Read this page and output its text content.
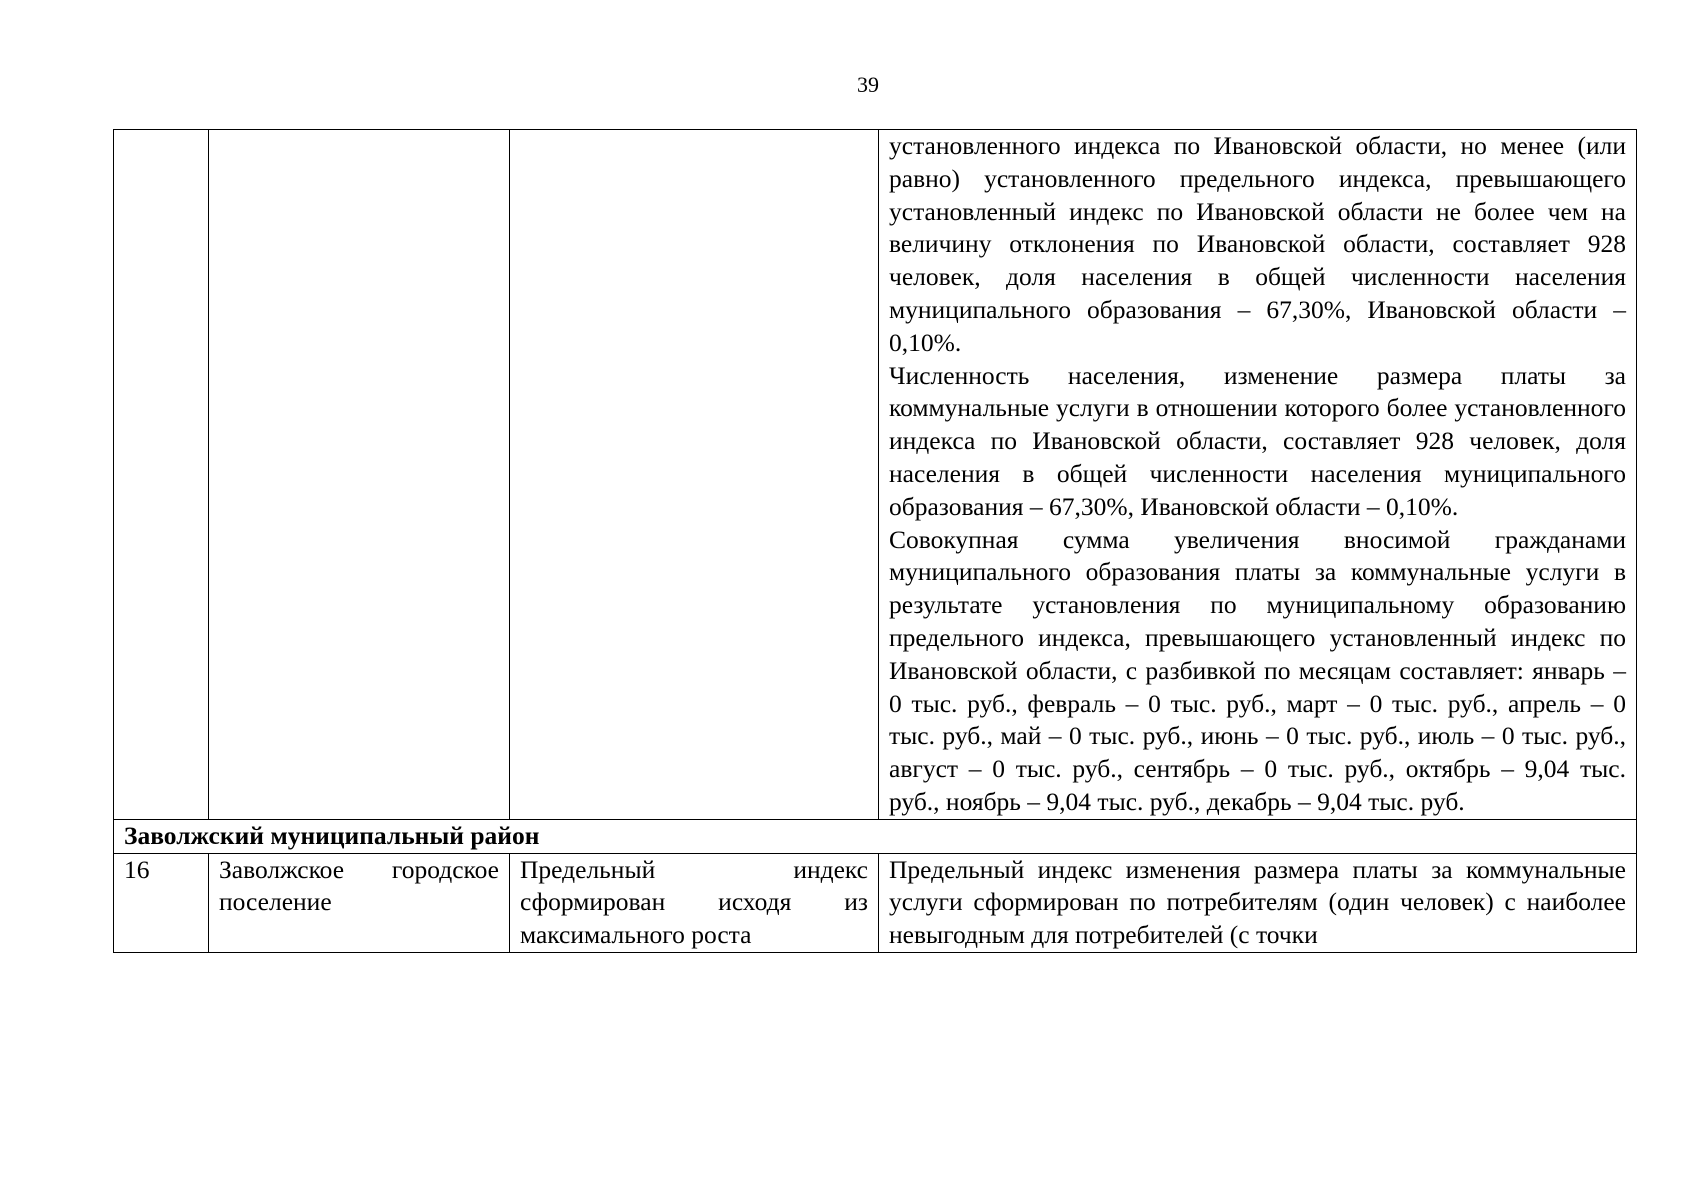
39

			установленного индекса по Ивановской области, но менее (или равно) установленного предельного индекса, превышающего установленный индекс по Ивановской области не более чем на величину отклонения по Ивановской области, составляет 928 человек, доля населения в общей численности населения муниципального образования – 67,30%, Ивановской области – 0,10%.
Численность населения, изменение размера платы за коммунальные услуги в отношении которого более установленного индекса по Ивановской области, составляет 928 человек, доля населения в общей численности населения муниципального образования – 67,30%, Ивановской области – 0,10%.
Совокупная сумма увеличения вносимой гражданами муниципального образования платы за коммунальные услуги в результате установления по муниципальному образованию предельного индекса, превышающего установленный индекс по Ивановской области, с разбивкой по месяцам составляет: январь – 0 тыс. руб., февраль – 0 тыс. руб., март – 0 тыс. руб., апрель – 0 тыс. руб., май – 0 тыс. руб., июнь – 0 тыс. руб., июль – 0 тыс. руб., август – 0 тыс. руб., сентябрь – 0 тыс. руб., октябрь – 9,04 тыс. руб., ноябрь – 9,04 тыс. руб., декабрь – 9,04 тыс. руб.

Заволжский муниципальный район			

16	Заволжское городское поселение	Предельный индекс сформирован исходя из максимального роста	Предельный индекс изменения размера платы за коммунальные услуги сформирован по потребителям (один человек) с наиболее невыгодным для потребителей (с точки
